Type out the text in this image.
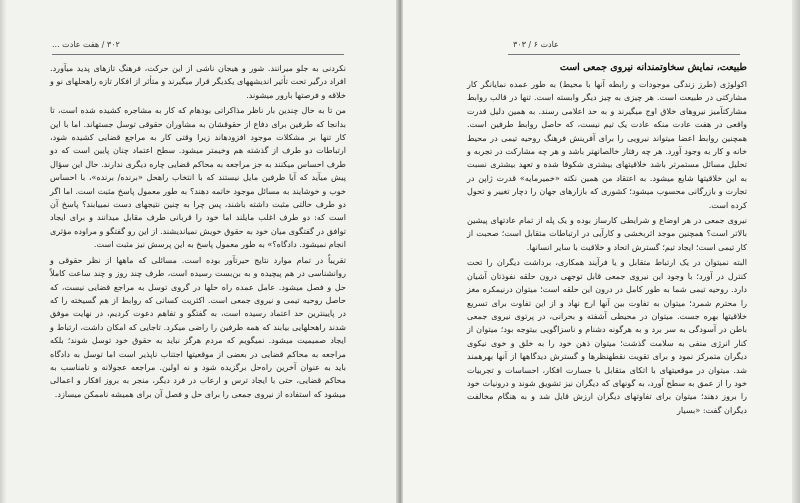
۳۰۲ / هفت عادت ...

نکردنی به جلو میرانند. شور و هیجان ناشی از این حرکت، فرهنگ تازهای پدید میآورد. افراد درگیر تحت تأثیر اندیشههای یکدیگر قرار میگیرند و متأثر از افکار تازه راهحلهای نو و خلاقه و فرصتها بارور میشوند.

من تا به حال چندین بار ناظر مذاکراتی بودهام که کار به مشاجره کشیده شده است، تا بدانجا که طرفین برای دفاع از حقوقشان به مشاوران حقوقی توسل جستهاند. اما با این کار تنها بر مشکلات موجود افزودهاند زیرا وقتی کار به مراجع قضایی کشیده شود، ارتباطات دو طرف از گذشته هم وخیمتر میشود. سطح اعتماد چنان پایین است که دو طرف احساس میکنند به جز مراجعه به محاکم قضایی چاره دیگری ندارند. حال این سؤال پیش میآید که آیا طرفین مایل نیستند که با انتخاب راهحل «برنده/ برنده»، با احساس خوب و خوشایند به مسائل موجود خاتمه دهند؟ به طور معمول پاسخ مثبت است. اما اگر دو طرف حالتی مثبت داشته باشند، پس چرا به چنین نتیجهای دست نمییابند؟ پاسخ آن است که: دو طرف اغلب مایلند اما خود را قربانی طرف مقابل میدانند و برای ایجاد توافق در گفتگوی میان خود به حقوق خویش نمیاندیشند. از این رو گفتگو و مراوده مؤثری انجام نمیشود. دادگاه؟» به طور معمول پاسخ به این پرسش نیز مثبت است.

تقریباً در تمام موارد نتایج حیرتآور بوده است. مسائلی که ماهها از نظر حقوقی و روانشناسی در هم پیچیده و به بن‌بست رسیده است، طرف چند روز و چند ساعت کاملاً حل و فصل میشود. عامل عمده راه حلها در گروی توسل به مراجع قضایی نیست، که حاصل روحیه تیمی و نیروی جمعی است. اکثریت کسانی که روابط از هم گسیخته را که در پایینترین حد اعتماد رسیده است، به گفتگو و تفاهم دعوت کردیم، در نهایت موفق شدند راهحلهایی بیابند که همه طرفین را راضی میکرد. تاجایی که امکان داشت، ارتباط و ایجاد صمیمیت میشود. نمیگویم که مردم هرگز نباید به حقوق خود توسل شوند؛ بلکه مراجعه به محاکم قضایی در بعضی از موقعیتها اجتناب ناپذیر است اما توسل به دادگاه باید به عنوان آخرین راه‌حل برگزیده شود و نه اولین. مراجعه عجولانه و نامناسب به محاکم قضایی، حتی با ایجاد ترس و ارعاب در فرد دیگر، منجر به بروز افکار و اعمالی میشود که استفاده از نیروی جمعی را برای حل و فصل آن برای همیشه ناممکن میسازد.

عادت ۶ / ۳۰۳
طبیعت، نمایش سخاوتمندانه نیروی جمعی است

اکولوژی (طرز زندگی موجودات و رابطه آنها با محیط) به طور عمده نمایانگر کار مشارکتی در طبیعت است. هر چیزی به چیز دیگر وابسته است. تنها در قالب روابط مشارکتآمیز نیروهای خلاق اوج میگیرند و به حد اعلامی رسند. به همین دلیل قدرت واقعی در هفت عادت منکه عادت یک تیم نیست، که حاصل روابط طرفین است. همچنین روابط اعضا میتواند نیرویی را برای آفرینش فرهنگ روحیه تیمی در محیط خانه و کار به وجود آورد. هر چه رفتار خالصانهتر باشد و هر چه مشارکت در تجربه و تحلیل مسائل مستمرتر باشد خلاقیتهای بیشتری شکوفا شده و تعهد بیشتری نسبت به این خلاقیتها شایع میشود. به اعتقاد من همین نکته «خمیرمایه» قدرت ژاپن در تجارت و بازرگانی محسوب میشود؛ کشوری که بازارهای جهان را دچار تغییر و تحول کرده است.

نیروی جمعی در هر اوضاع و شرایطی کارساز بوده و یک پله از تمام عادتهای پیشین بالاتر است؟ همچنین موجد اثربخشی و کارآیی در ارتباطات متقابل است؛ صحبت از کار تیمی است؛ ایجاد تیم؛ گسترش اتحاد و خلاقیت با سایر انسانها.

البته نمیتوان در یک ارتباط متقابل و یا فرآیند همکاری، برداشت دیگران را تحت کنترل در آورد؛ با وجود این نیروی جمعی قابل توجهی درون حلقه نفوذتان آشیان دارد. روحیه تیمی شما به طور کامل در درون این حلقه است؛ میتوان درنیمکره مغز را محترم شمرد؛ میتوان به تفاوت بین آنها ارج نهاد و از این تفاوت برای تسریع خلاقیتها بهره جست. میتوان در محیطی آشفته و بحرانی، در پرتوی نیروی جمعی باطن در آسودگی به سر برد و به هرگونه دشنام و ناسزاگویی بیتوجه بود؛ میتوان از کنار انرژی منفی به سلامت گذشت؛ میتوان ذهن خود را به خلق و خوی نیکوی دیگران متمرکز نمود و برای تقویت نقطهنظرها و گسترش دیدگاهها از آنها بهرهمند شد. میتوان در موقعیتهای با اتکای متقابل با جسارت افکار، احساسات و تجربیات خود را از عمق به سطح آورد، به گونهای که دیگران نیز تشویق شوند و درونیات خود را بروز دهند؛ میتوان برای تفاوتهای دیگران ارزش قایل شد و به هنگام مخالفت دیگران گفت: «بسیار
